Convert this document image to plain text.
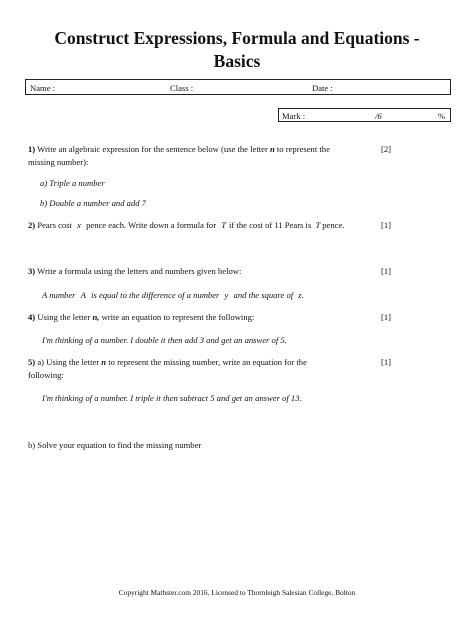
Construct Expressions, Formula and Equations -
Basics
Name :	Class :	Date :
Mark :	/6	%
1) Write an algebraic expression for the sentence below (use the letter n to represent the
missing number):
[2]
a) Triple a number
b) Double a number and add 7
2) Pears cost x pence each. Write down a formula for T if the cost of 11 Pears is T pence.	[1]
3) Write a formula using the letters and numbers given below:	[1]
A number A is equal to the difference of a number y and the square of z.
4) Using the letter n, write an equation to represent the following:	[1]
I'm thinking of a number. I double it then add 3 and get an answer of 5.
5) a) Using the letter n to represent the missing number, write an equation for the
following:
[1]
I'm thinking of a number. I triple it then subtract 5 and get an answer of 13.
b) Solve your equation to find the missing number
Copyright Mathster.com 2016. Licensed to Thornleigh Salesian College, Bolton
